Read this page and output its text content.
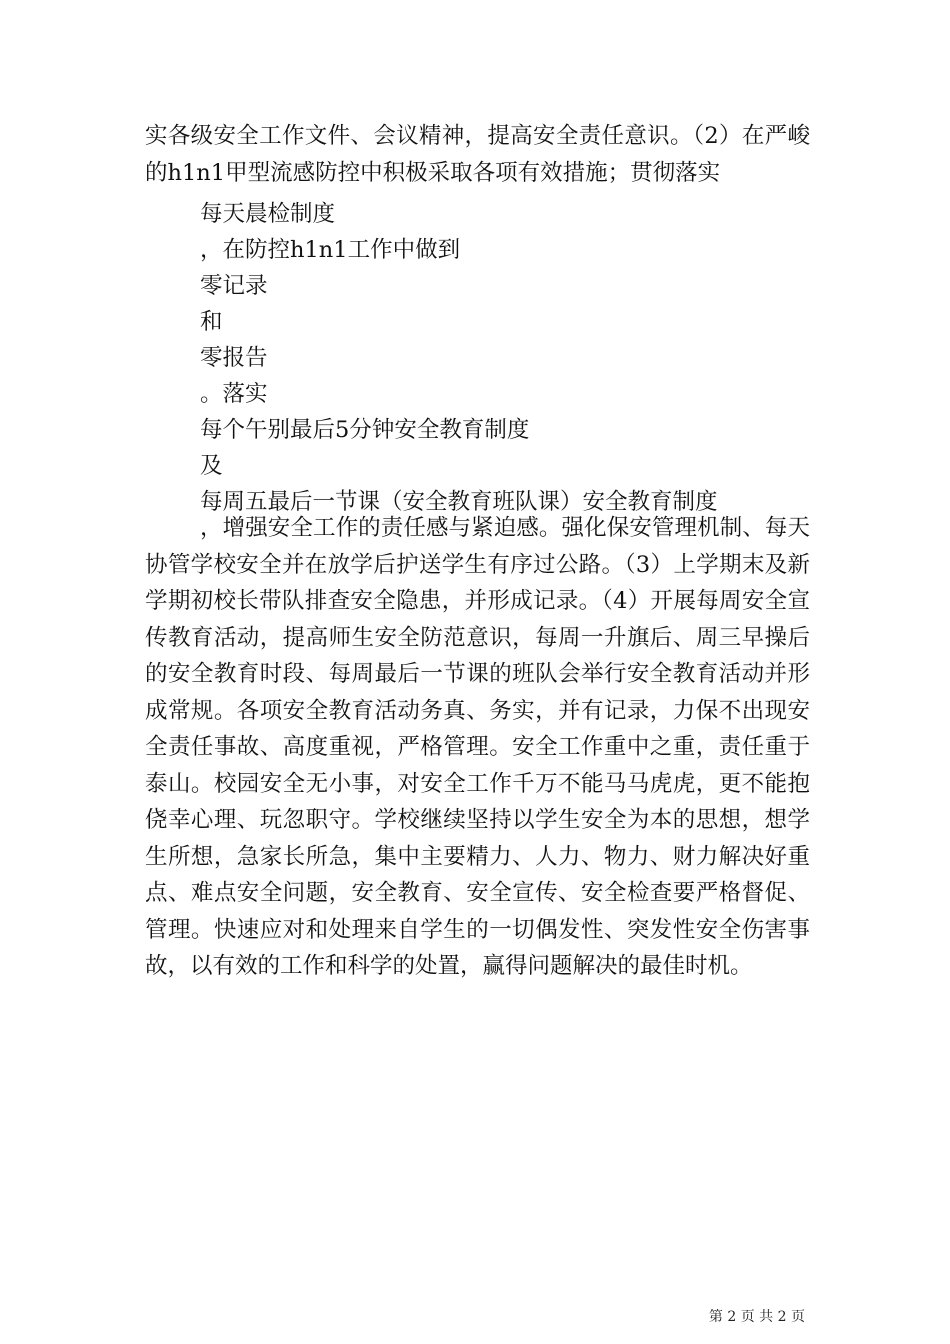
实各级安全工作文件、会议精神，提高安全责任意识。（2）在严峻的h1n1甲型流感防控中积极采取各项有效措施；贯彻落实

每天晨检制度

，在防控h1n1工作中做到

零记录

和

零报告

。落实

每个午别最后5分钟安全教育制度

及

每周五最后一节课（安全教育班队课）安全教育制度

，增强安全工作的责任感与紧迫感。强化保安管理机制、每天协管学校安全并在放学后护送学生有序过公路。（3）上学期末及新学期初校长带队排查安全隐患，并形成记录。（4）开展每周安全宣传教育活动，提高师生安全防范意识，每周一升旗后、周三早操后的安全教育时段、每周最后一节课的班队会举行安全教育活动并形成常规。各项安全教育活动务真、务实，并有记录，力保不出现安全责任事故、高度重视，严格管理。安全工作重中之重，责任重于泰山。校园安全无小事，对安全工作千万不能马马虎虎，更不能抱侥幸心理、玩忽职守。学校继续坚持以学生安全为本的思想，想学生所想，急家长所急，集中主要精力、人力、物力、财力解决好重点、难点安全问题，安全教育、安全宣传、安全检查要严格督促、管理。快速应对和处理来自学生的一切偶发性、突发性安全伤害事故，以有效的工作和科学的处置，赢得问题解决的最佳时机。

第 2 页 共 2 页
